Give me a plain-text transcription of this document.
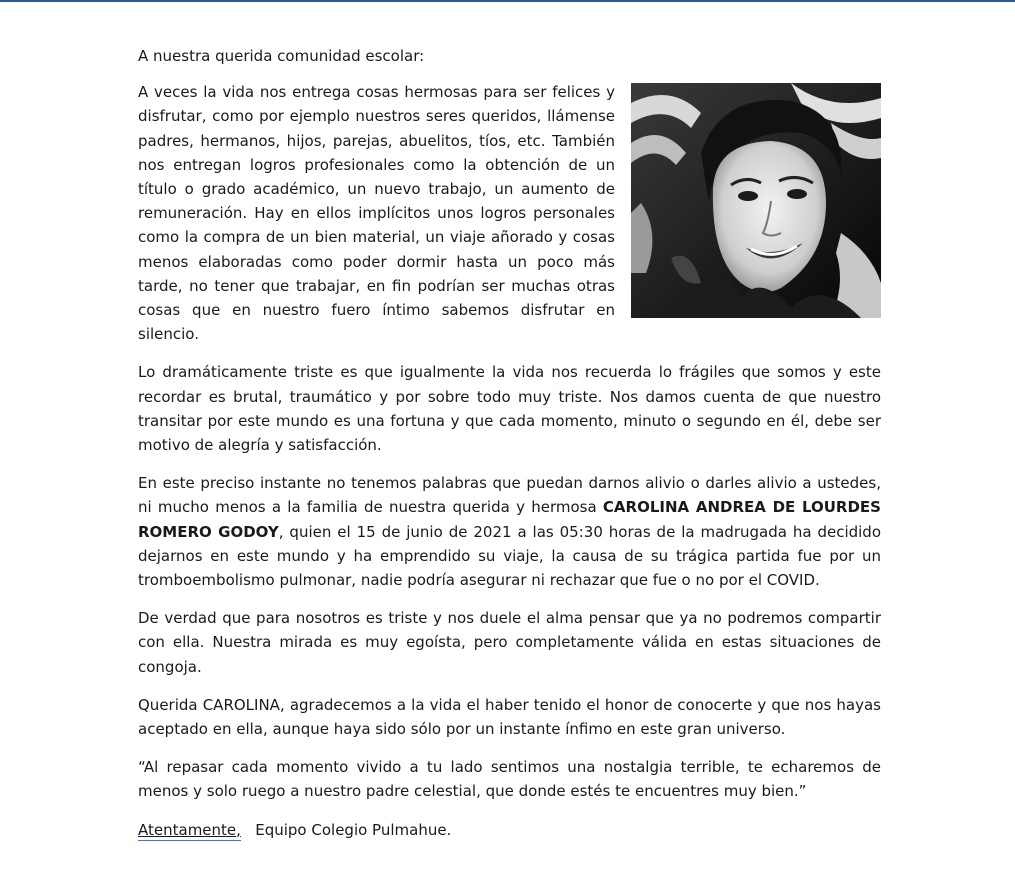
A nuestra querida comunidad escolar:

A veces la vida nos entrega cosas hermosas para ser felices y disfrutar, como por ejemplo nuestros seres queridos, llámense padres, hermanos, hijos, parejas, abuelitos, tíos, etc. También nos entregan logros profesionales como la obtención de un título o grado académico, un nuevo trabajo, un aumento de remuneración. Hay en ellos implícitos unos logros personales como la compra de un bien material, un viaje añorado y cosas menos elaboradas como poder dormir hasta un poco más tarde, no tener que trabajar, en fin podrían ser muchas otras cosas que en nuestro fuero íntimo sabemos disfrutar en silencio.

Lo dramáticamente triste es que igualmente la vida nos recuerda lo frágiles que somos y este recordar es brutal, traumático y por sobre todo muy triste. Nos damos cuenta de que nuestro transitar por este mundo es una fortuna y que cada momento, minuto o segundo en él, debe ser motivo de alegría y satisfacción.

En este preciso instante no tenemos palabras que puedan darnos alivio o darles alivio a ustedes, ni mucho menos a la familia de nuestra querida y hermosa CAROLINA ANDREA DE LOURDES ROMERO GODOY, quien el 15 de junio de 2021 a las 05:30 horas de la madrugada ha decidido dejarnos en este mundo y ha emprendido su viaje, la causa de su trágica partida fue por un tromboembolismo pulmonar, nadie podría asegurar ni rechazar que fue o no por el COVID.

De verdad que para nosotros es triste y nos duele el alma pensar que ya no podremos compartir con ella. Nuestra mirada es muy egoísta, pero completamente válida en estas situaciones de congoja.

Querida CAROLINA, agradecemos a la vida el haber tenido el honor de conocerte y que nos hayas aceptado en ella, aunque haya sido sólo por un instante ínfimo en este gran universo.

“Al repasar cada momento vivido a tu lado sentimos una nostalgia terrible, te echaremos de menos y solo ruego a nuestro padre celestial, que donde estés te encuentres muy bien.”

Atentamente, Equipo Colegio Pulmahue.
